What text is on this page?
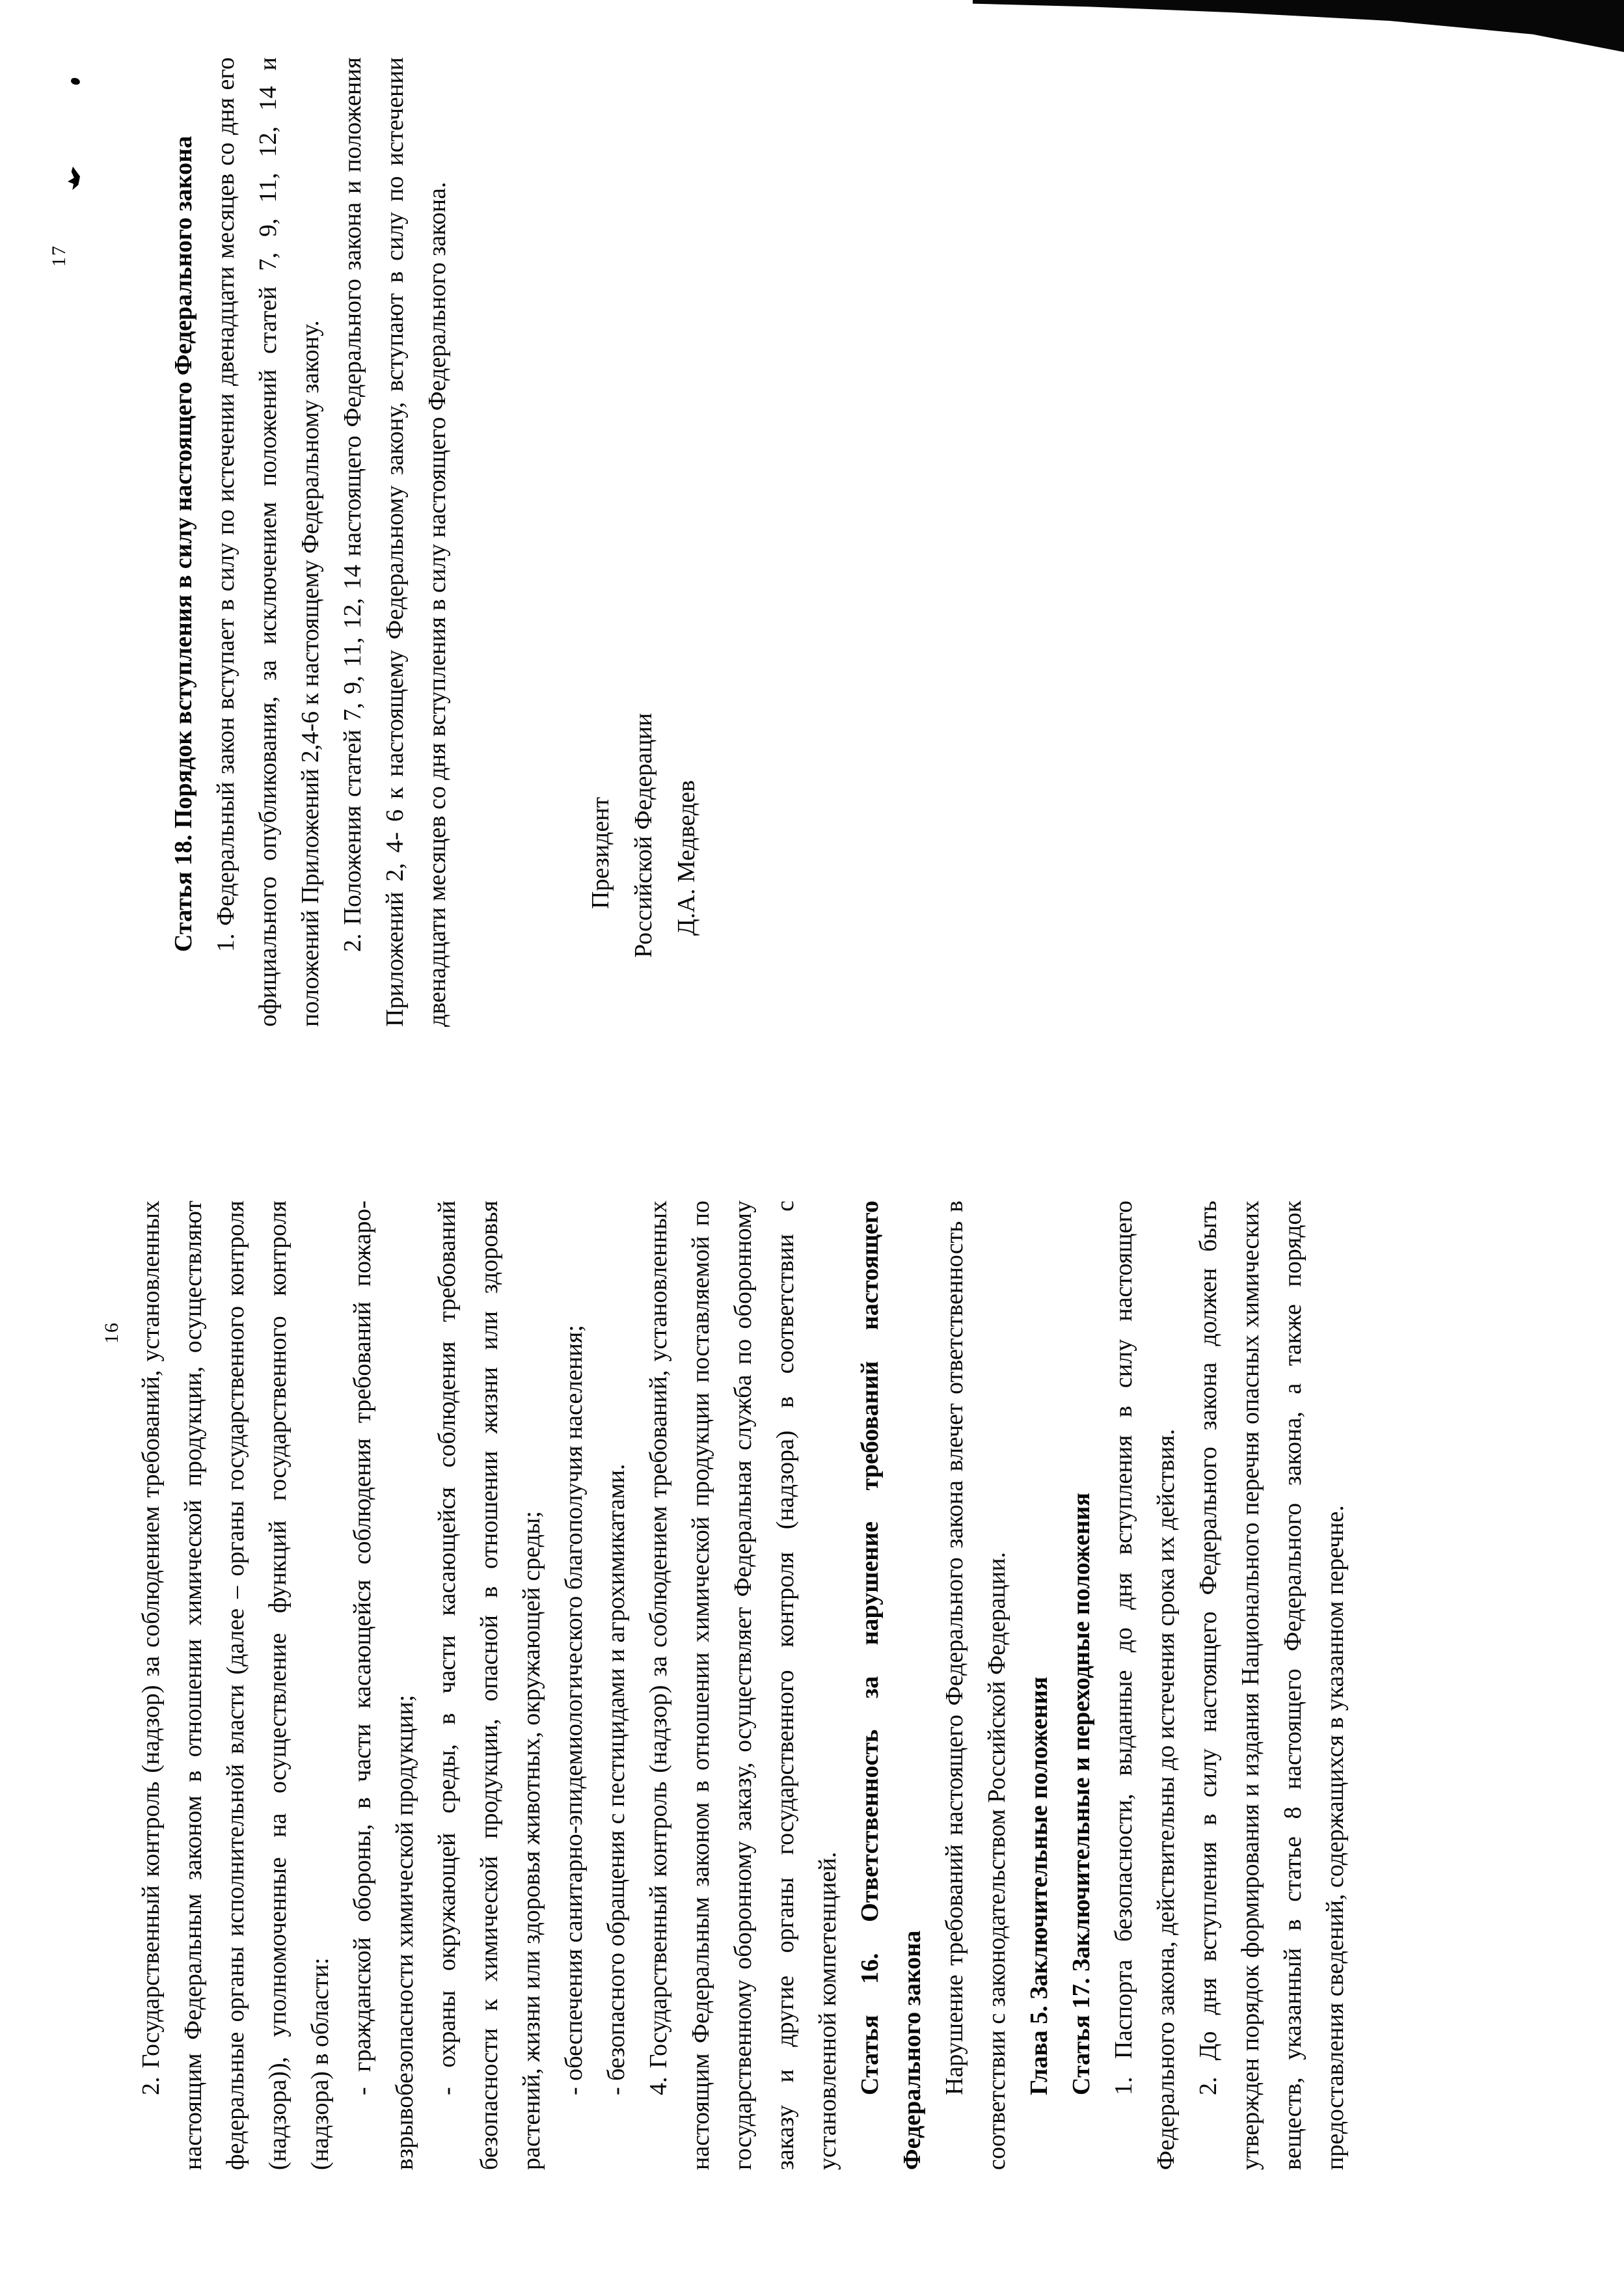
17	Статья 18. Порядок вступления в силу настоящего Федерального закона 1. Федеральный закон вступает в силу по истечении двенадцати месяцев со дня его официального опубликования, за исключением положений статей 7, 9, 11, 12, 14 и положений Приложений 2,4-6 к настоящему Федеральному закону. 2. Положения статей 7, 9, 11, 12, 14 настоящего Федерального закона и положения Приложений 2, 4- 6 к настоящему Федеральному закону, вступают в силу по истечении двенадцати месяцев со дня вступления в силу настоящего Федерального закона.	Президент Российской Федерации Д.А. Медведев
16 2. Государственный контроль (надзор) за соблюдением требований, установленных настоящим Федеральным законом в отношении химической продукции, осуществляют федеральные органы исполнительной власти (далее – органы государственного контроля (надзора)), уполномоченные на осуществление функций государственного контроля (надзора) в области: - гражданской обороны, в части касающейся соблюдения требований пожаро-взрывобезопасности химической продукции; - охраны окружающей среды, в части касающейся соблюдения требований безопасности к химической продукции, опасной в отношении жизни или здоровья растений, жизни или здоровья животных, окружающей среды; - обеспечения санитарно-эпидемиологического благополучия населения; - безопасного обращения с пестицидами и агрохимикатами. 4. Государственный контроль (надзор) за соблюдением требований, установленных настоящим Федеральным законом в отношении химической продукции поставляемой по государственному оборонному заказу, осуществляет Федеральная служба по оборонному заказу и другие органы государственного контроля (надзора) в соответствии с установленной компетенцией. Статья 16. Ответственность за нарушение требований настоящего Федерального закона Нарушение требований настоящего Федерального закона влечет ответственность в соответствии с законодательством Российской Федерации. Глава 5. Заключительные положения Статья 17. Заключительные и переходные положения 1. Паспорта безопасности, выданные до дня вступления в силу настоящего Федерального закона, действительны до истечения срока их действия. 2. До дня вступления в силу настоящего Федерального закона должен быть утвержден порядок формирования и издания Национального перечня опасных химических веществ, указанный в статье 8 настоящего Федерального закона, а также порядок предоставления сведений, содержащихся в указанном перечне.
